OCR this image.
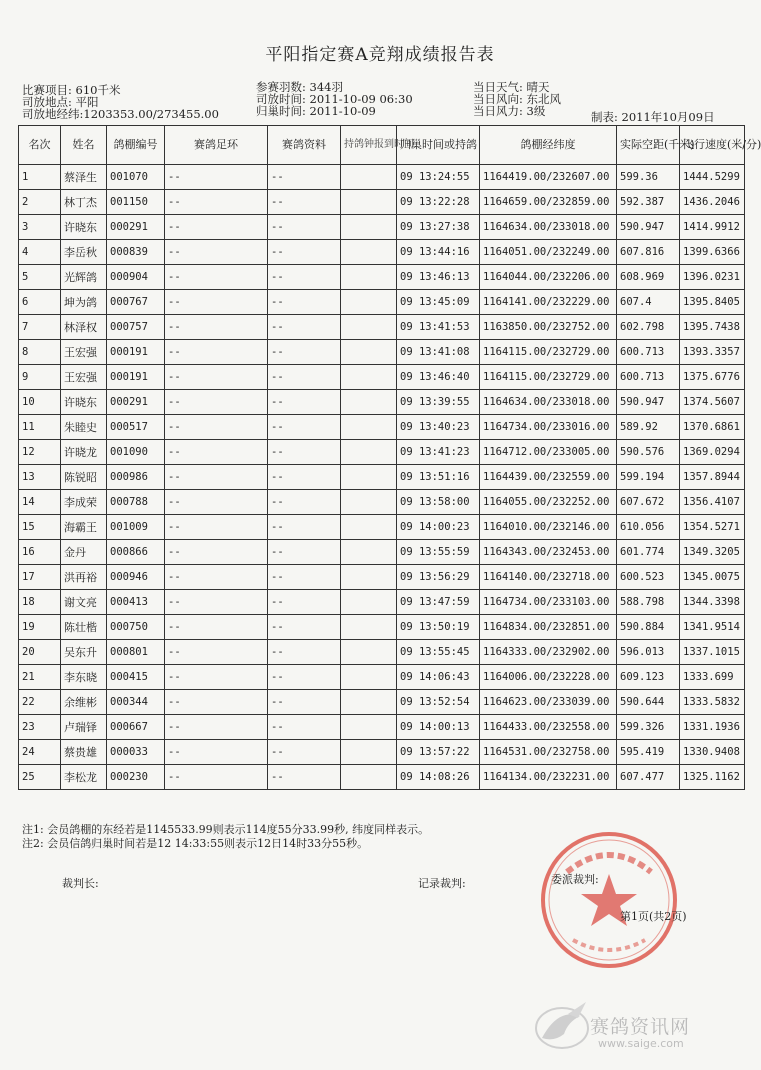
平阳指定赛A竞翔成绩报告表
比赛项目: 610千米
司放地点: 平阳
司放地经纬:1203353.00/273455.00
参赛羽数: 344羽
司放时间: 2011-10-09 06:30
归巢时间: 2011-10-09
当日天气: 晴天
当日风向: 东北风
当日风力: 3级	制表: 2011年10月09日
名次	姓名	鸽棚编号	赛鸽足环	赛鸽资料	持鸽钟报到时间	归巢时间或持鸽	鸽棚经纬度	实际空距(千米)	飞行速度(米/分)
1	蔡泽生	001070	--	--		09 13:24:55	1164419.00/232607.00	599.36	1444.5299
2	林丁杰	001150	--	--		09 13:22:28	1164659.00/232859.00	592.387	1436.2046
3	许晓东	000291	--	--		09 13:27:38	1164634.00/233018.00	590.947	1414.9912
4	李岳秋	000839	--	--		09 13:44:16	1164051.00/232249.00	607.816	1399.6366
5	光辉鸽	000904	--	--		09 13:46:13	1164044.00/232206.00	608.969	1396.0231
6	坤为鸽	000767	--	--		09 13:45:09	1164141.00/232229.00	607.4	1395.8405
7	林泽权	000757	--	--		09 13:41:53	1163850.00/232752.00	602.798	1395.7438
8	王宏强	000191	--	--		09 13:41:08	1164115.00/232729.00	600.713	1393.3357
9	王宏强	000191	--	--		09 13:46:40	1164115.00/232729.00	600.713	1375.6776
10	许晓东	000291	--	--		09 13:39:55	1164634.00/233018.00	590.947	1374.5607
11	朱睦史	000517	--	--		09 13:40:23	1164734.00/233016.00	589.92	1370.6861
12	许晓龙	001090	--	--		09 13:41:23	1164712.00/233005.00	590.576	1369.0294
13	陈锐昭	000986	--	--		09 13:51:16	1164439.00/232559.00	599.194	1357.8944
14	李成荣	000788	--	--		09 13:58:00	1164055.00/232252.00	607.672	1356.4107
15	海霸王	001009	--	--		09 14:00:23	1164010.00/232146.00	610.056	1354.5271
16	金丹	000866	--	--		09 13:55:59	1164343.00/232453.00	601.774	1349.3205
17	洪再裕	000946	--	--		09 13:56:29	1164140.00/232718.00	600.523	1345.0075
18	谢文亮	000413	--	--		09 13:47:59	1164734.00/233103.00	588.798	1344.3398
19	陈壮楷	000750	--	--		09 13:50:19	1164834.00/232851.00	590.884	1341.9514
20	吴东升	000801	--	--		09 13:55:45	1164333.00/232902.00	596.013	1337.1015
21	李东晓	000415	--	--		09 14:06:43	1164006.00/232228.00	609.123	1333.699
22	余维彬	000344	--	--		09 13:52:54	1164623.00/233039.00	590.644	1333.5832
23	卢瑞铎	000667	--	--		09 14:00:13	1164433.00/232558.00	599.326	1331.1936
24	蔡贵雄	000033	--	--		09 13:57:22	1164531.00/232758.00	595.419	1330.9408
25	李松龙	000230	--	--		09 14:08:26	1164134.00/232231.00	607.477	1325.1162
注1: 会员鸽棚的东经若是1145533.99则表示114度55分33.99秒, 纬度同样表示。
注2: 会员信鸽归巢时间若是12 14:33:55则表示12日14时33分55秒。
裁判长:	记录裁判:	委派裁判:
第1页(共2页)
赛鸽资讯网
www.saige.com
